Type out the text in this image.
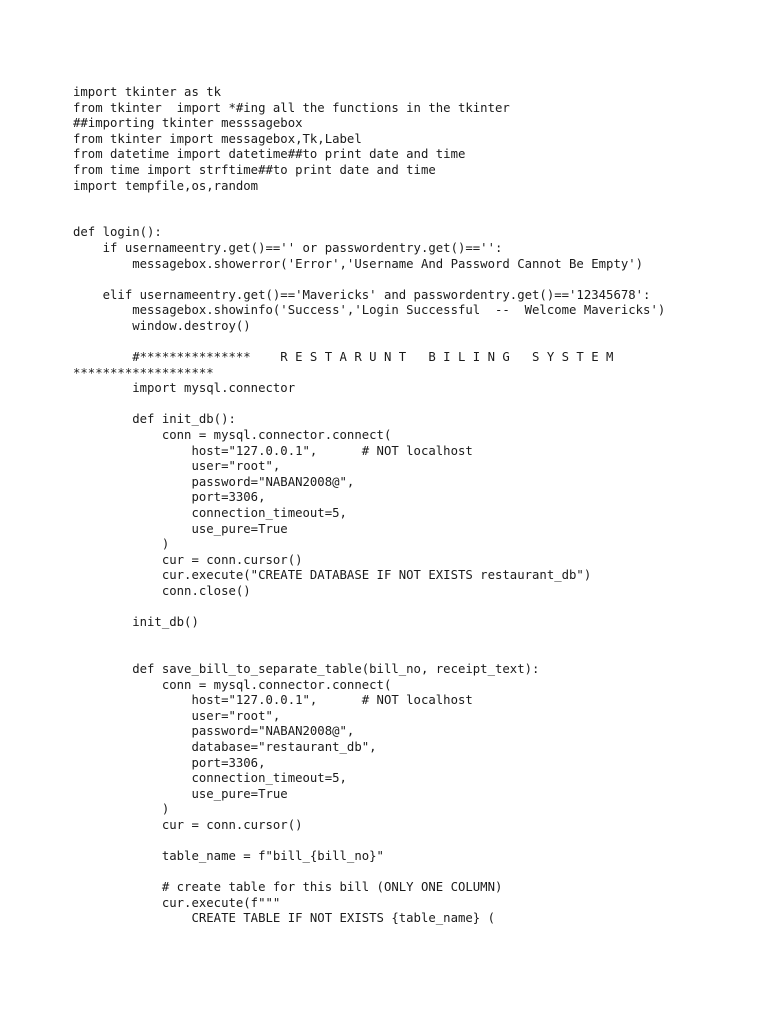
import tkinter as tk
from tkinter  import *#ing all the functions in the tkinter
##importing tkinter messsagebox
from tkinter import messagebox,Tk,Label
from datetime import datetime##to print date and time
from time import strftime##to print date and time
import tempfile,os,random
def login():
if usernameentry.get()=='' or passwordentry.get()=='':
messagebox.showerror('Error','Username And Password Cannot Be Empty')
elif usernameentry.get()=='Mavericks' and passwordentry.get()=='12345678':
messagebox.showinfo('Success','Login Successful  --  Welcome Mavericks')
window.destroy()
#***************    R E S T A R U N T   B I L I N G   S Y S T E M
*******************
import mysql.connector
def init_db():
conn = mysql.connector.connect(
host="127.0.0.1",      # NOT localhost
user="root",
password="NABAN2008@",
port=3306,
connection_timeout=5,
use_pure=True
)
cur = conn.cursor()
cur.execute("CREATE DATABASE IF NOT EXISTS restaurant_db")
conn.close()
init_db()
def save_bill_to_separate_table(bill_no, receipt_text):
conn = mysql.connector.connect(
host="127.0.0.1",      # NOT localhost
user="root",
password="NABAN2008@",
database="restaurant_db",
port=3306,
connection_timeout=5,
use_pure=True
)
cur = conn.cursor()
table_name = f"bill_{bill_no}"
# create table for this bill (ONLY ONE COLUMN)
cur.execute(f"""
CREATE TABLE IF NOT EXISTS {table_name} (
